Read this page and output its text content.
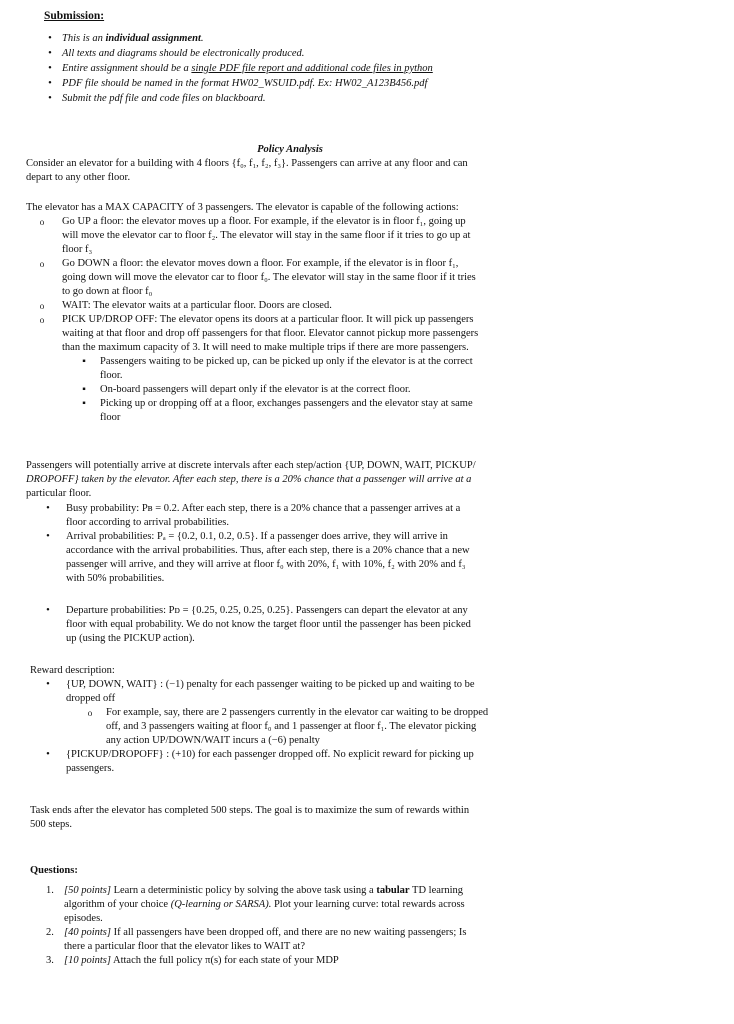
Submission:
•
This is an individual assignment.
•
All texts and diagrams should be electronically produced.
•
Entire assignment should be a single PDF file report and additional code files in python
•
PDF file should be named in the format HW02_WSUID.pdf. Ex: HW02_A123B456.pdf
•
Submit the pdf file and code files on blackboard.
Policy Analysis

Consider an elevator for a building with 4 floors {f₀, f₁, f₂, f₃}. Passengers can arrive at any floor and can

depart to any other floor.

The elevator has a MAX CAPACITY of 3 passengers. The elevator is capable of the following actions:
o

Go UP a floor: the elevator moves up a floor. For example, if the elevator is in floor f₁, going up

will move the elevator car to floor f₂. The elevator will stay in the same floor if it tries to go up at

floor f₃

o

Go DOWN a floor: the elevator moves down a floor. For example, if the elevator is in floor f₁,

going down will move the elevator car to floor f₀. The elevator will stay in the same floor if it tries

to go down at floor f₀

o

WAIT: The elevator waits at a particular floor. Doors are closed.

o

PICK UP/DROP OFF: The elevator opens its doors at a particular floor. It will pick up passengers

waiting at that floor and drop off passengers for that floor. Elevator cannot pickup more passengers

than the maximum capacity of 3. It will need to make multiple trips if there are more passengers.

▪

Passengers waiting to be picked up, can be picked up only if the elevator is at the correct

floor.

▪

On-board passengers will depart only if the elevator is at the correct floor.

▪

Picking up or dropping off at a floor, exchanges passengers and the elevator stay at same

floor

Passengers will potentially arrive at discrete intervals after each step/action {UP, DOWN, WAIT, PICKUP/

DROPOFF} taken by the elevator. After each step, there is a 20% chance that a passenger will arrive at a

particular floor.

•

Busy probability: Pʙ = 0.2. After each step, there is a 20% chance that a passenger arrives at a

floor according to arrival probabilities.

•

Arrival probabilities: Pₐ = {0.2, 0.1, 0.2, 0.5}. If a passenger does arrive, they will arrive in

accordance with the arrival probabilities. Thus, after each step, there is a 20% chance that a new

passenger will arrive, and they will arrive at floor f₀ with 20%, f₁ with 10%, f₂ with 20% and f₃

with 50% probabilities.

•

Departure probabilities: Pᴅ = {0.25, 0.25, 0.25, 0.25}. Passengers can depart the elevator at any

floor with equal probability. We do not know the target floor until the passenger has been picked

up (using the PICKUP action).

Reward description:
•

{UP, DOWN, WAIT} : (−1) penalty for each passenger waiting to be picked up and waiting to be

dropped off

o

For example, say, there are 2 passengers currently in the elevator car waiting to be dropped

off, and 3 passengers waiting at floor f₀ and 1 passenger at floor f₁. The elevator picking

any action UP/DOWN/WAIT incurs a (−6) penalty

•

{PICKUP/DROPOFF} : (+10) for each passenger dropped off. No explicit reward for picking up

passengers.

Task ends after the elevator has completed 500 steps. The goal is to maximize the sum of rewards within

500 steps.

Questions:
1. [50 points] Learn a deterministic policy by solving the above task using a tabular TD learning

algorithm of your choice (Q-learning or SARSA). Plot your learning curve: total rewards across

episodes.

2. [40 points] If all passengers have been dropped off, and there are no new waiting passengers; Is

there a particular floor that the elevator likes to WAIT at?

3. [10 points] Attach the full policy π(s) for each state of your MDP
